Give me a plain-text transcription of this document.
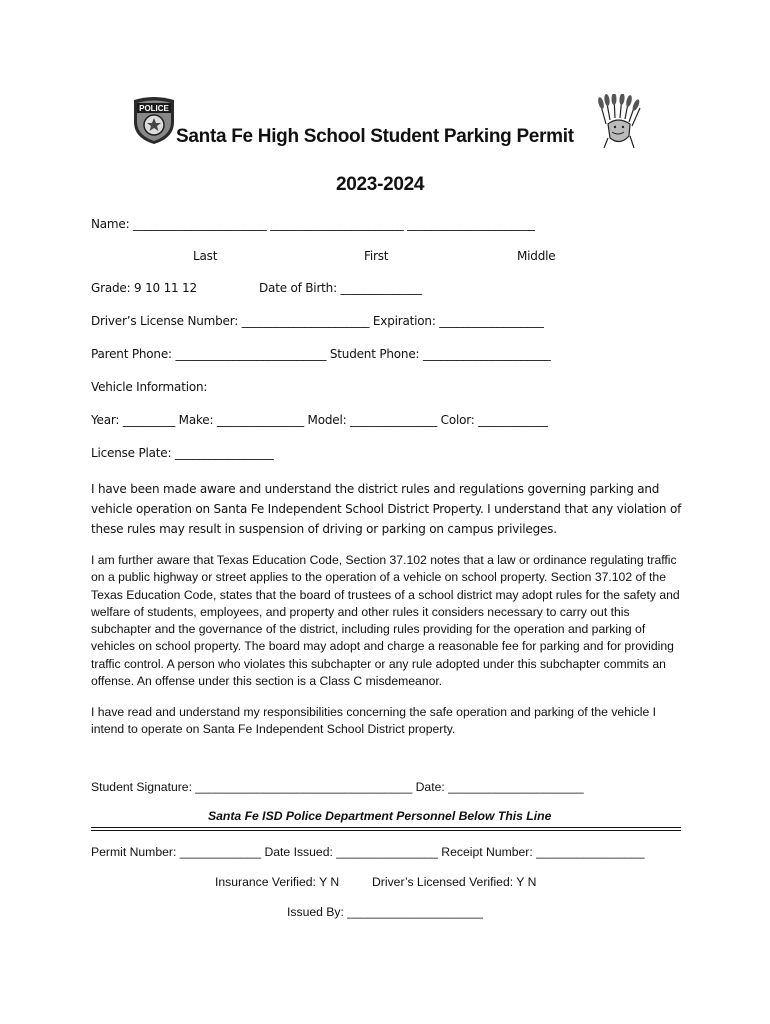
POLICE
Santa Fe High School Student Parking Permit
2023-2024
Name: _______________________ _______________________ ______________________
Last	First	Middle
Grade: 9 10 11 12	Date of Birth: ______________
Driver’s License Number: ______________________ Expiration: __________________
Parent Phone: __________________________ Student Phone: ______________________
Vehicle Information:
Year: _________ Make: _______________ Model: _______________ Color: ____________
License Plate: _________________
I have been made aware and understand the district rules and regulations governing parking and vehicle operation on Santa Fe Independent School District Property. I understand that any violation of these rules may result in suspension of driving or parking on campus privileges.
I am further aware that Texas Education Code, Section 37.102 notes that a law or ordinance regulating traffic on a public highway or street applies to the operation of a vehicle on school property. Section 37.102 of the Texas Education Code, states that the board of trustees of a school district may adopt rules for the safety and welfare of students, employees, and property and other rules it considers necessary to carry out this subchapter and the governance of the district, including rules providing for the operation and parking of vehicles on school property. The board may adopt and charge a reasonable fee for parking and for providing traffic control. A person who violates this subchapter or any rule adopted under this subchapter commits an offense. An offense under this section is a Class C misdemeanor.
I have read and understand my responsibilities concerning the safe operation and parking of the vehicle I intend to operate on Santa Fe Independent School District property.
Student Signature: ________________________________ Date: ____________________
Santa Fe ISD Police Department Personnel Below This Line
Permit Number: ____________ Date Issued: _______________ Receipt Number: ________________
Insurance Verified: Y N	Driver’s Licensed Verified: Y N
Issued By: ____________________
